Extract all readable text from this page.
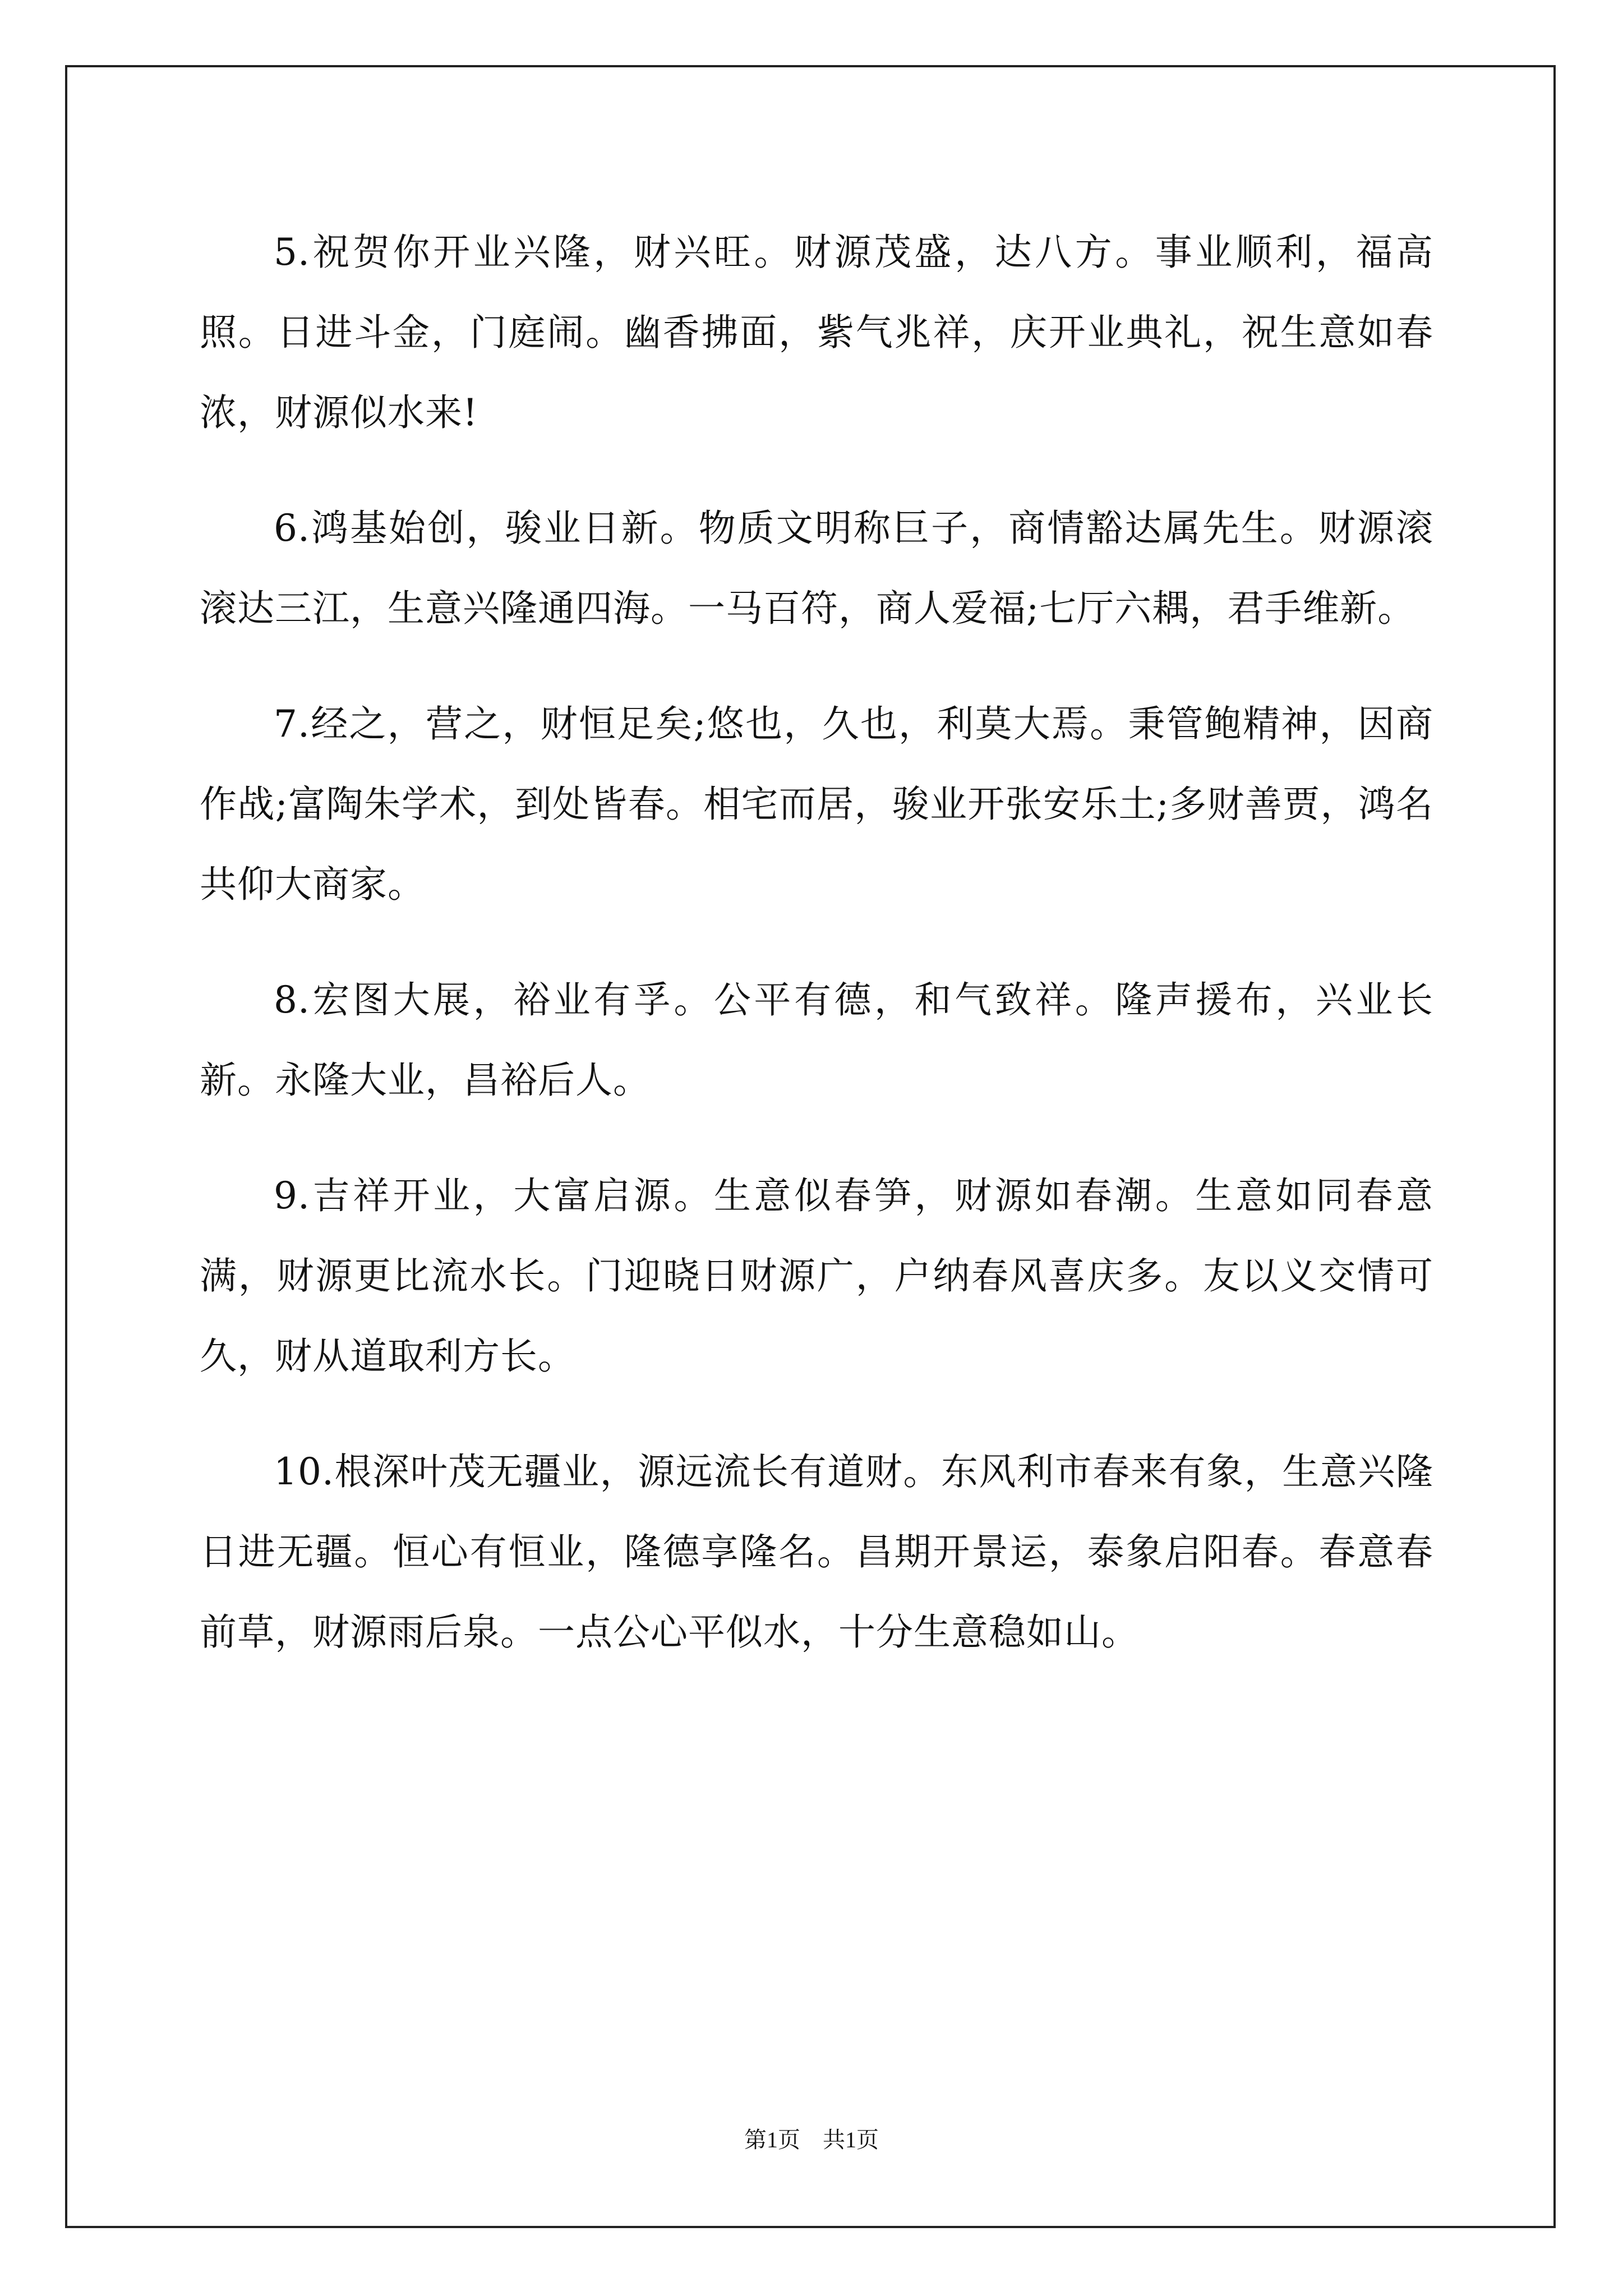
5.祝贺你开业兴隆，财兴旺。财源茂盛，达八方。事业顺利，福高照。日进斗金，门庭闹。幽香拂面，紫气兆祥，庆开业典礼，祝生意如春浓，财源似水来!

6.鸿基始创，骏业日新。物质文明称巨子，商情豁达属先生。财源滚滚达三江，生意兴隆通四海。一马百符，商人爱福;七厅六耦，君手维新。

7.经之，营之，财恒足矣;悠也，久也，利莫大焉。秉管鲍精神，因商作战;富陶朱学术，到处皆春。相宅而居，骏业开张安乐土;多财善贾，鸿名共仰大商家。

8.宏图大展，裕业有孚。公平有德，和气致祥。隆声援布，兴业长新。永隆大业，昌裕后人。

9.吉祥开业，大富启源。生意似春笋，财源如春潮。生意如同春意满，财源更比流水长。门迎晓日财源广，户纳春风喜庆多。友以义交情可久，财从道取利方长。

10.根深叶茂无疆业，源远流长有道财。东风利市春来有象，生意兴隆日进无疆。恒心有恒业，隆德享隆名。昌期开景运，泰象启阳春。春意春前草，财源雨后泉。一点公心平似水，十分生意稳如山。

第1页 共1页
